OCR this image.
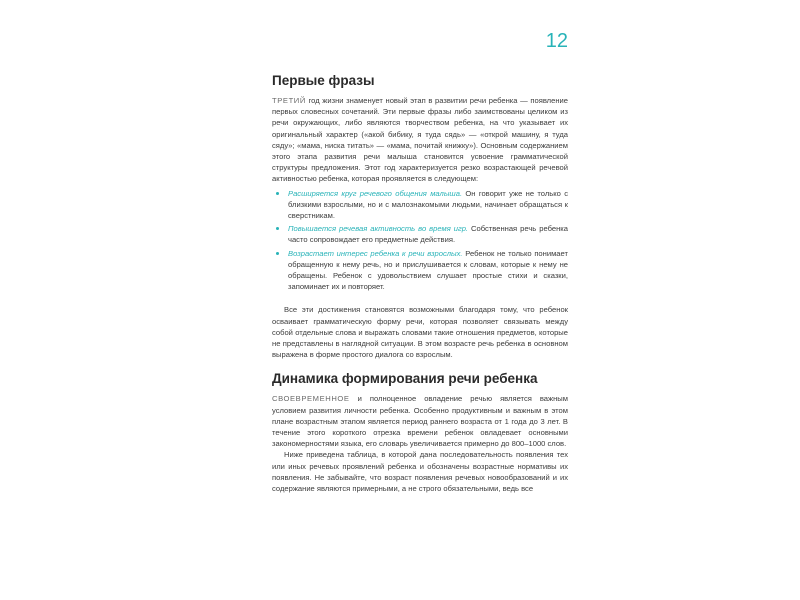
12
Первые фразы

ТРЕТИЙ год жизни знаменует новый этап в развитии речи ребенка — появление первых словесных сочетаний. Эти первые фразы либо заимствованы целиком из речи окружающих, либо являются творчеством ребенка, на что указывает их оригинальный характер («акой бибику, я туда сядь» — «открой машину, я туда сяду»; «мама, ниска титать» — «мама, почитай книжку»). Основным содержанием этого этапа развития речи малыша становится усвоение грамматической структуры предложения. Этот год характеризуется резко возрастающей речевой активностью ребенка, которая проявляется в следующем:

Расширяется круг речевого общения малыша. Он говорит уже не только с близкими взрослыми, но и с малознакомыми людьми, начинает обращаться к сверстникам.
Повышается речевая активность во время игр. Собственная речь ребенка часто сопровождает его предметные действия.
Возрастает интерес ребенка к речи взрослых. Ребенок не только понимает обращенную к нему речь, но и прислушивается к словам, которые к нему не обращены. Ребенок с удовольствием слушает простые стихи и сказки, запоминает их и повторяет.

Все эти достижения становятся возможными благодаря тому, что ребенок осваивает грамматическую форму речи, которая позволяет связывать между собой отдельные слова и выражать словами такие отношения предметов, которые не представлены в наглядной ситуации. В этом возрасте речь ребенка в основном выражена в форме простого диалога со взрослым.

Динамика формирования речи ребенка

СВОЕВРЕМЕННОЕ и полноценное овладение речью является важным условием развития личности ребенка. Особенно продуктивным и важным в этом плане возрастным этапом является период раннего возраста от 1 года до 3 лет. В течение этого короткого отрезка времени ребенок овладевает основными закономерностями языка, его словарь увеличивается примерно до 800–1000 слов.

Ниже приведена таблица, в которой дана последовательность появления тех или иных речевых проявлений ребенка и обозначены возрастные нормативы их появления. Не забывайте, что возраст появления речевых новообразований и их содержание являются примерными, а не строго обязательными, ведь все
